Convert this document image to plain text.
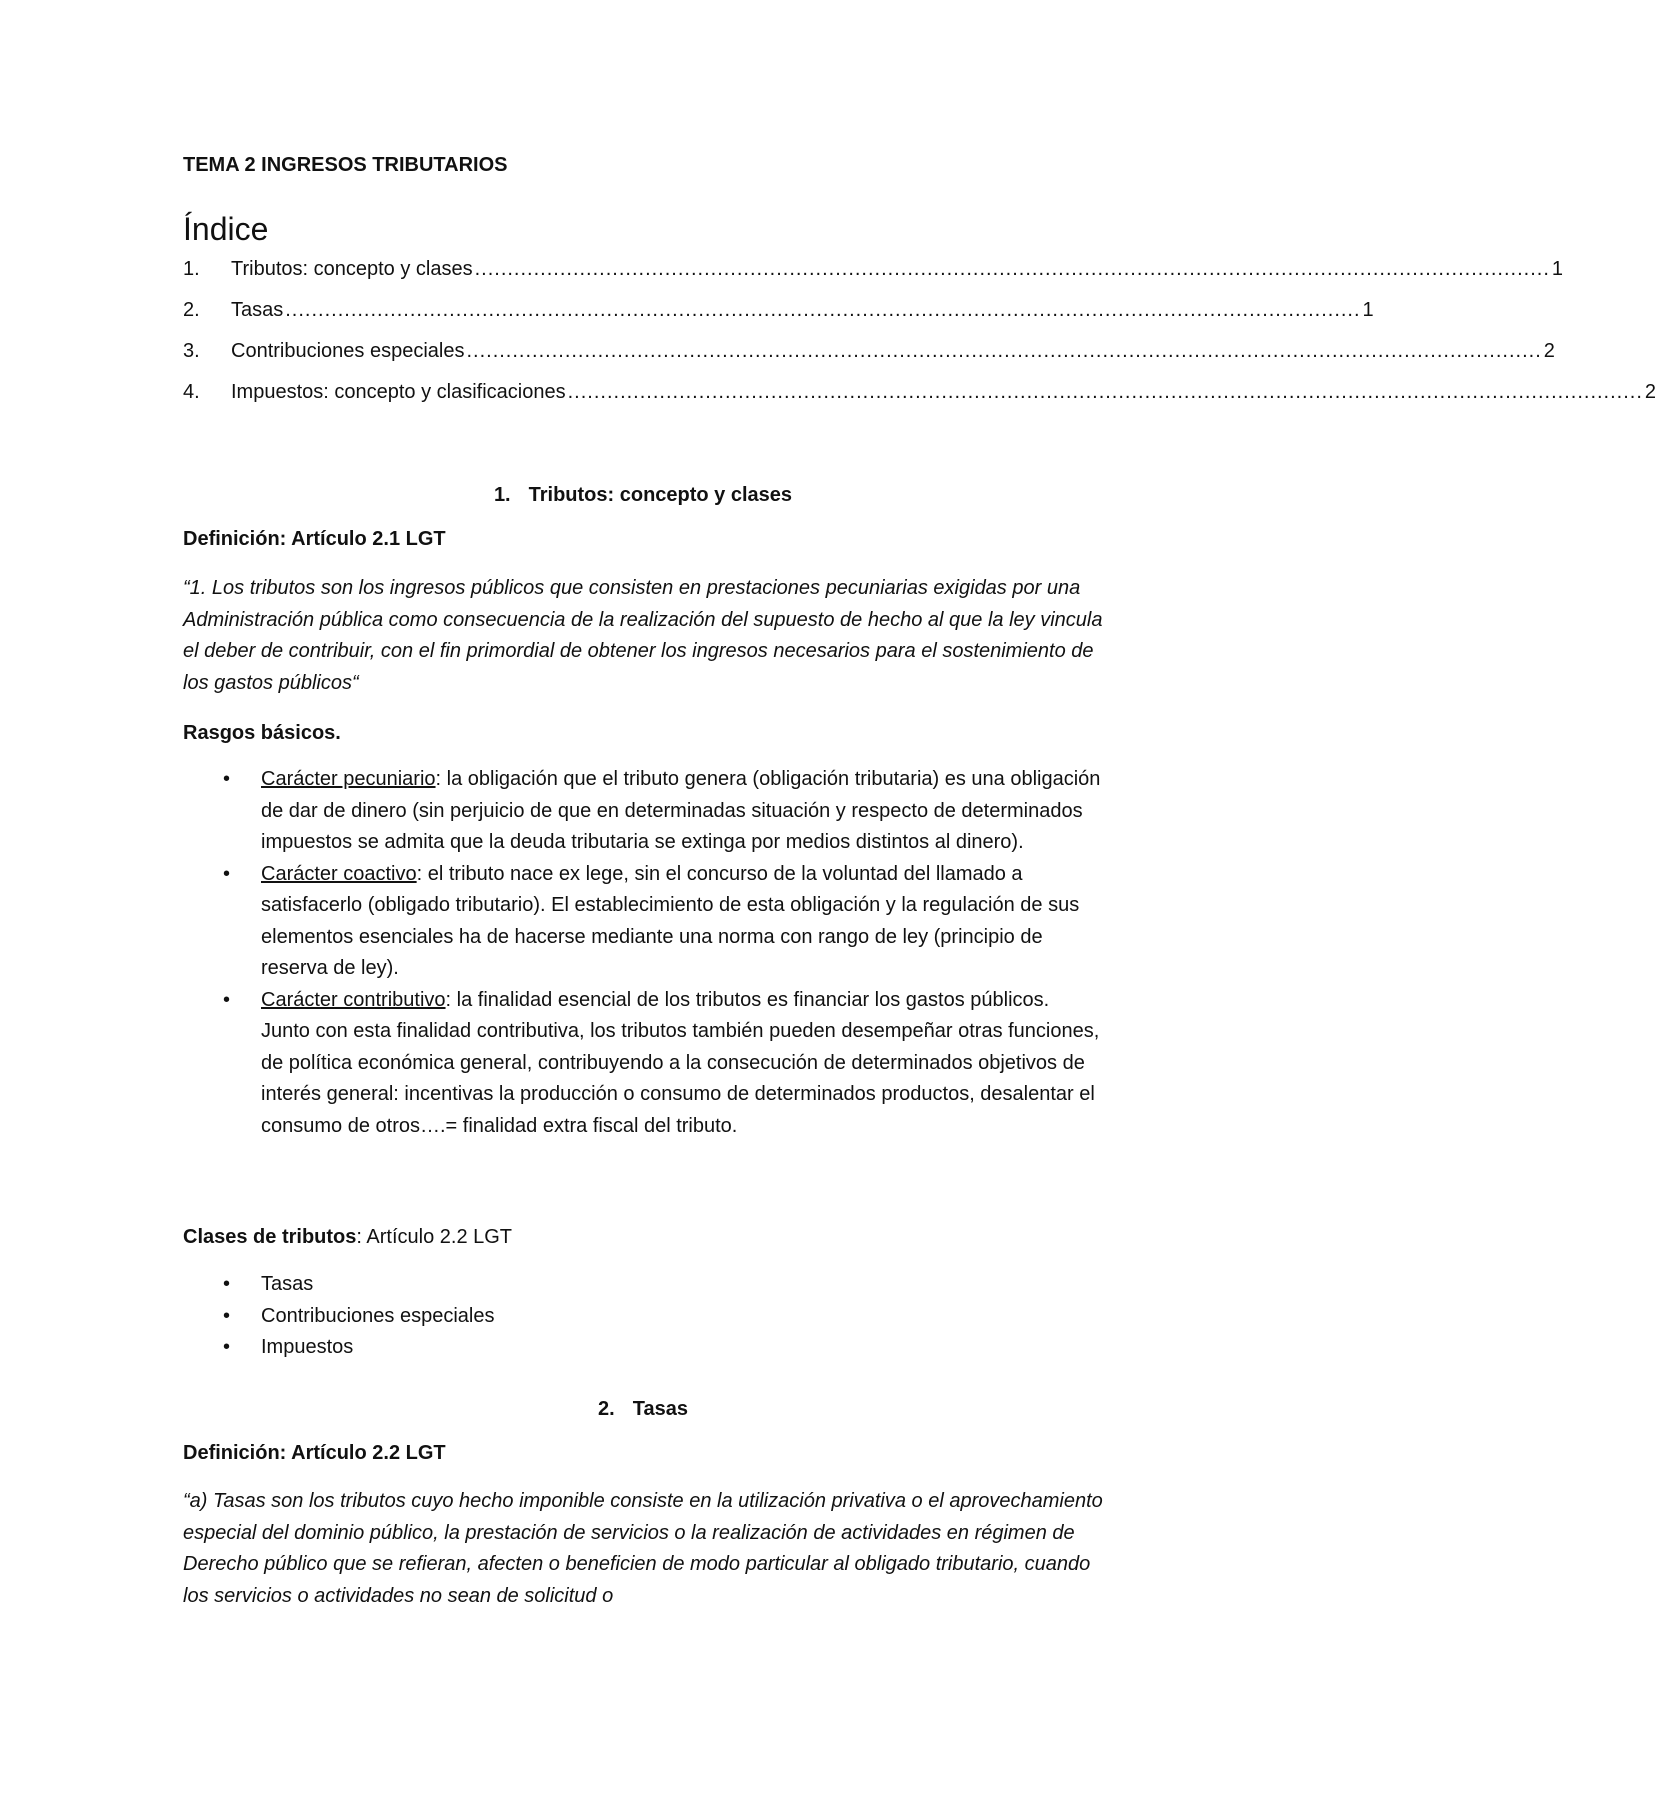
TEMA 2 INGRESOS TRIBUTARIOS
Índice
1.	Tributos: concepto y clases .................................................................................................................................................................... 1
2.	Tasas .................................................................................................................................................................... 1
3.	Contribuciones especiales .................................................................................................................................................................... 2
4.	Impuestos: concepto y clasificaciones .................................................................................................................................................................... 2
1. Tributos: concepto y clases
Definición: Artículo 2.1 LGT
“1. Los tributos son los ingresos públicos que consisten en prestaciones pecuniarias exigidas por una Administración pública como consecuencia de la realización del supuesto de hecho al que la ley vincula el deber de contribuir, con el fin primordial de obtener los ingresos necesarios para el sostenimiento de los gastos públicos“
Rasgos básicos.
• Carácter pecuniario: la obligación que el tributo genera (obligación tributaria) es una obligación de dar de dinero (sin perjuicio de que en determinadas situación y respecto de determinados impuestos se admita que la deuda tributaria se extinga por medios distintos al dinero).
• Carácter coactivo: el tributo nace ex lege, sin el concurso de la voluntad del llamado a satisfacerlo (obligado tributario). El establecimiento de esta obligación y la regulación de sus elementos esenciales ha de hacerse mediante una norma con rango de ley (principio de reserva de ley).
• Carácter contributivo: la finalidad esencial de los tributos es financiar los gastos públicos. Junto con esta finalidad contributiva, los tributos también pueden desempeñar otras funciones, de política económica general, contribuyendo a la consecución de determinados objetivos de interés general: incentivas la producción o consumo de determinados productos, desalentar el consumo de otros….= finalidad extra fiscal del tributo.
Clases de tributos: Artículo 2.2 LGT
• Tasas
• Contribuciones especiales
• Impuestos
2. Tasas
Definición: Artículo 2.2 LGT
“a) Tasas son los tributos cuyo hecho imponible consiste en la utilización privativa o el aprovechamiento especial del dominio público, la prestación de servicios o la realización de actividades en régimen de Derecho público que se refieran, afecten o beneficien de modo particular al obligado tributario, cuando los servicios o actividades no sean de solicitud o
